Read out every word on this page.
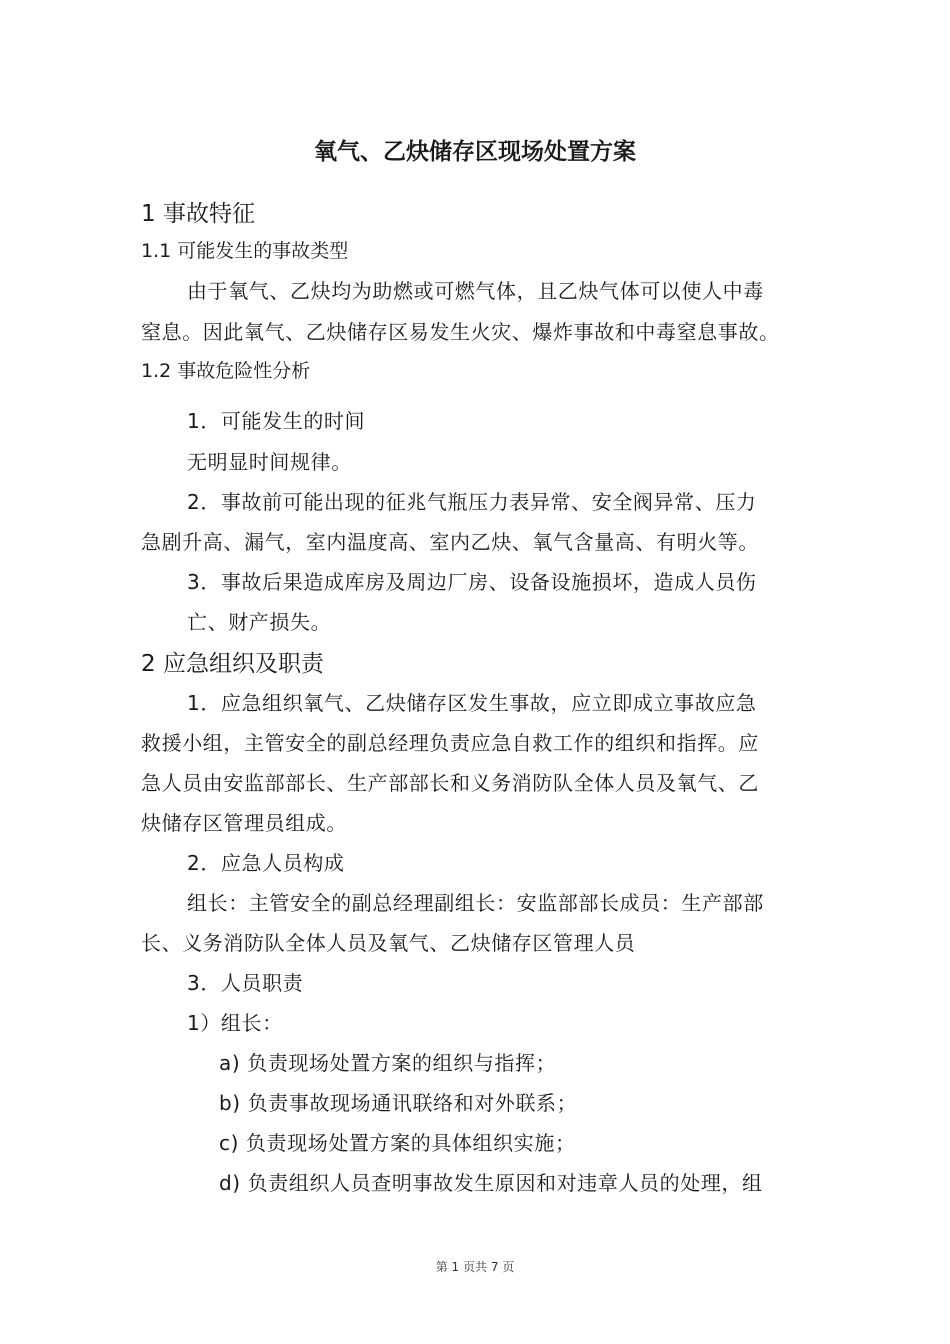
氧气、乙炔储存区现场处置方案

1 事故特征

1.1 可能发生的事故类型

由于氧气、乙炔均为助燃或可燃气体，且乙炔气体可以使人中毒

窒息。因此氧气、乙炔储存区易发生火灾、爆炸事故和中毒窒息事故。

1.2 事故危险性分析

1．可能发生的时间

无明显时间规律。

2．事故前可能出现的征兆气瓶压力表异常、安全阀异常、压力

急剧升高、漏气，室内温度高、室内乙炔、氧气含量高、有明火等。

3．事故后果造成库房及周边厂房、设备设施损坏，造成人员伤

亡、财产损失。

2 应急组织及职责

1．应急组织氧气、乙炔储存区发生事故，应立即成立事故应急

救援小组，主管安全的副总经理负责应急自救工作的组织和指挥。应

急人员由安监部部长、生产部部长和义务消防队全体人员及氧气、乙

炔储存区管理员组成。

2．应急人员构成

组长：主管安全的副总经理副组长：安监部部长成员：生产部部

长、义务消防队全体人员及氧气、乙炔储存区管理人员

3．人员职责

1）组长：

a) 负责现场处置方案的组织与指挥；

b) 负责事故现场通讯联络和对外联系；

c) 负责现场处置方案的具体组织实施；

d) 负责组织人员查明事故发生原因和对违章人员的处理，组

第 1 页共 7 页
